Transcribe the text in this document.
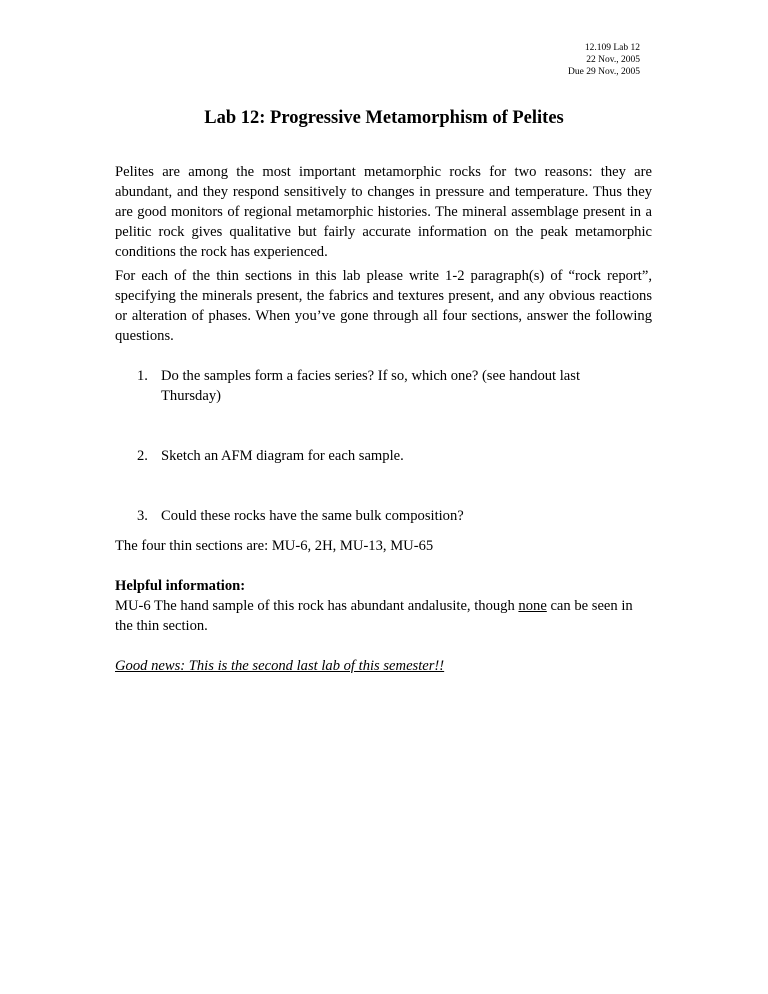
12.109 Lab 12
22 Nov., 2005
Due 29 Nov., 2005
Lab 12: Progressive Metamorphism of Pelites

Pelites are among the most important metamorphic rocks for two reasons: they are abundant, and they respond sensitively to changes in pressure and temperature. Thus they are good monitors of regional metamorphic histories. The mineral assemblage present in a pelitic rock gives qualitative but fairly accurate information on the peak metamorphic conditions the rock has experienced.

For each of the thin sections in this lab please write 1-2 paragraph(s) of “rock report”, specifying the minerals present, the fabrics and textures present, and any obvious reactions or alteration of phases. When you’ve gone through all four sections, answer the following questions.

1. Do the samples form a facies series? If so, which one? (see handout last Thursday)
2. Sketch an AFM diagram for each sample.
3. Could these rocks have the same bulk composition?

The four thin sections are: MU-6, 2H, MU-13, MU-65

Helpful information:
MU-6 The hand sample of this rock has abundant andalusite, though none can be seen in the thin section.
Good news: This is the second last lab of this semester!!
